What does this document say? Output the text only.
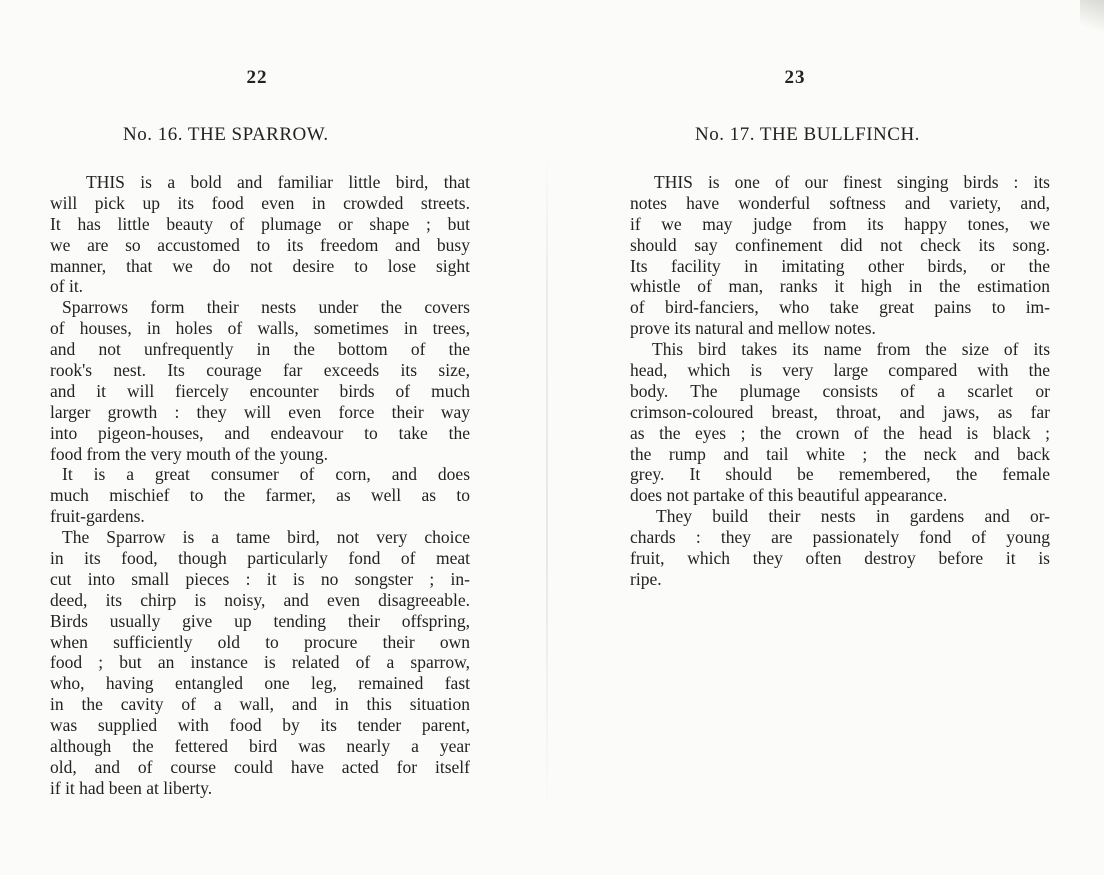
22
No. 16. THE SPARROW.
THIS is a bold and familiar little bird, that
will pick up its food even in crowded streets.
It has little beauty of plumage or shape ; but
we are so accustomed to its freedom and busy
manner, that we do not desire to lose sight
of it.
Sparrows form their nests under the covers
of houses, in holes of walls, sometimes in trees,
and not unfrequently in the bottom of the
rook's nest. Its courage far exceeds its size,
and it will fiercely encounter birds of much
larger growth : they will even force their way
into pigeon-houses, and endeavour to take the
food from the very mouth of the young.
It is a great consumer of corn, and does
much mischief to the farmer, as well as to
fruit-gardens.
The Sparrow is a tame bird, not very choice
in its food, though particularly fond of meat
cut into small pieces : it is no songster ; in-
deed, its chirp is noisy, and even disagreeable.
Birds usually give up tending their offspring,
when sufficiently old to procure their own
food ; but an instance is related of a sparrow,
who, having entangled one leg, remained fast
in the cavity of a wall, and in this situation
was supplied with food by its tender parent,
although the fettered bird was nearly a year
old, and of course could have acted for itself
if it had been at liberty.
23
No. 17. THE BULLFINCH.
THIS is one of our finest singing birds : its
notes have wonderful softness and variety, and,
if we may judge from its happy tones, we
should say confinement did not check its song.
Its facility in imitating other birds, or the
whistle of man, ranks it high in the estimation
of bird-fanciers, who take great pains to im-
prove its natural and mellow notes.
This bird takes its name from the size of its
head, which is very large compared with the
body. The plumage consists of a scarlet or
crimson-coloured breast, throat, and jaws, as far
as the eyes ; the crown of the head is black ;
the rump and tail white ; the neck and back
grey. It should be remembered, the female
does not partake of this beautiful appearance.
They build their nests in gardens and or-
chards : they are passionately fond of young
fruit, which they often destroy before it is
ripe.
